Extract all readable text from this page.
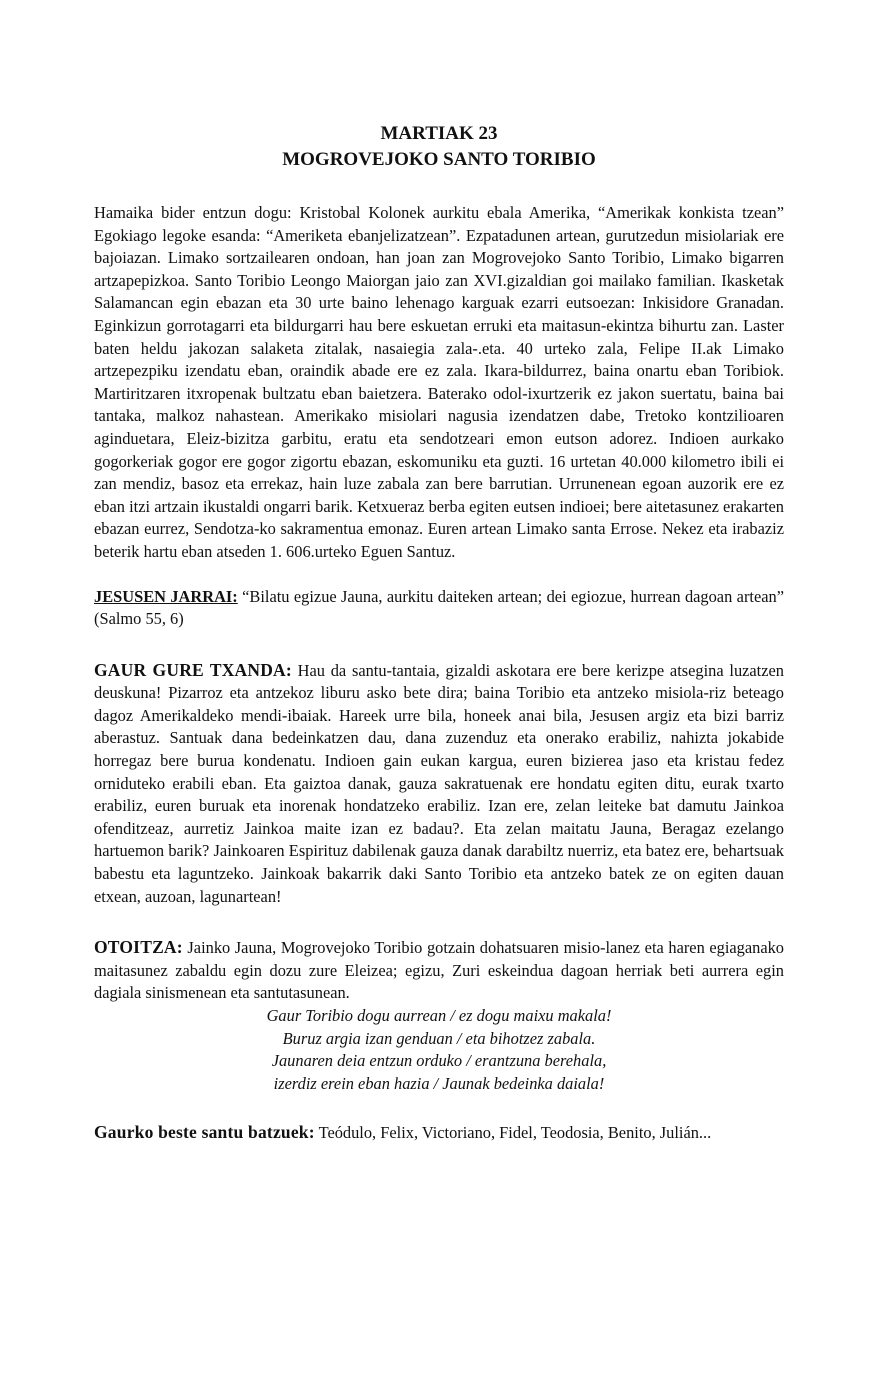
MARTIAK 23
MOGROVEJOKO SANTO TORIBIO

Hamaika bider entzun dogu: Kristobal Kolonek aurkitu ebala Amerika, “Amerikak konkista tzean” Egokiago legoke esanda: “Ameriketa ebanjelizatzean”. Ezpatadunen artean, gurutzedun misiolariak ere bajoiazan. Limako sortzailearen ondoan, han joan zan Mogrovejoko Santo Toribio, Limako bigarren artzapepizkoa. Santo Toribio Leongo Maiorgan jaio zan XVI.gizaldian goi mailako familian. Ikasketak Salamancan egin ebazan eta 30 urte baino lehenago karguak ezarri eutsoezan: Inkisidore Granadan. Eginkizun gorrotagarri eta bildurgarri hau bere eskuetan erruki eta maitasun-ekintza bihurtu zan. Laster baten heldu jakozan salaketa zitalak, nasaiegia zala-.eta. 40 urteko zala, Felipe II.ak Limako artzepezpiku izendatu eban, oraindik abade ere ez zala. Ikara-bildurrez, baina onartu eban Toribiok. Martiritzaren itxropenak bultzatu eban baietzera. Baterako odol-ixurtzerik ez jakon suertatu, baina bai tantaka, malkoz nahastean. Amerikako misiolari nagusia izendatzen dabe, Tretoko kontzilioaren aginduetara, Eleiz-bizitza garbitu, eratu eta sendotzeari emon eutson adorez. Indioen aurkako gogorkeriak gogor ere gogor zigortu ebazan, eskomuniku eta guzti. 16 urtetan 40.000 kilometro ibili ei zan mendiz, basoz eta errekaz, hain luze zabala zan bere barrutian. Urrunenean egoan auzorik ere ez eban itzi artzain ikustaldi ongarri barik. Ketxueraz berba egiten eutsen indioei; bere aitetasunez erakarten ebazan eurrez, Sendotza-ko sakramentua emonaz. Euren artean Limako santa Errose. Nekez eta irabaziz beterik hartu eban atseden 1. 606.urteko Eguen Santuz.

JESUSEN JARRAI: “Bilatu egizue Jauna, aurkitu daiteken artean; dei egiozue, hurrean dagoan artean” (Salmo 55, 6)

GAUR GURE TXANDA: Hau da santu-tantaia, gizaldi askotara ere bere kerizpe atsegina luzatzen deuskuna! Pizarroz eta antzekoz liburu asko bete dira; baina Toribio eta antzeko misiola-riz beteago dagoz Amerikaldeko mendi-ibaiak. Hareek urre bila, honeek anai bila, Jesusen argiz eta bizi barriz aberastuz. Santuak dana bedeinkatzen dau, dana zuzenduz eta onerako erabiliz, nahizta jokabide horregaz bere burua kondenatu. Indioen gain eukan kargua, euren bizierea jaso eta kristau fedez orniduteko erabili eban. Eta gaiztoa danak, gauza sakratuenak ere hondatu egiten ditu, eurak txarto erabiliz, euren buruak eta inorenak hondatzeko erabiliz. Izan ere, zelan leiteke bat damutu Jainkoa ofenditzeaz, aurretiz Jainkoa maite izan ez badau?. Eta zelan maitatu Jauna, Beragaz ezelango hartuemon barik? Jainkoaren Espirituz dabilenak gauza danak darabiltz nuerriz, eta batez ere, behartsuak babestu eta laguntzeko. Jainkoak bakarrik daki Santo Toribio eta antzeko batek ze on egiten dauan etxean, auzoan, lagunartean!

OTOITZA: Jainko Jauna, Mogrovejoko Toribio gotzain dohatsuaren misio-lanez eta haren egiaganako maitasunez zabaldu egin dozu zure Eleizea; egizu, Zuri eskeindua dagoan herriak beti aurrera egin dagiala sinismenean eta santutasunean.

Gaur Toribio dogu aurrean / ez dogu maixu makala!
Buruz argia izan genduan / eta bihotzez zabala.
Jaunaren deia entzun orduko / erantzuna berehala,
izerdiz erein eban hazia / Jaunak bedeinka daiala!

Gaurko beste santu batzuek: Teódulo, Felix, Victoriano, Fidel, Teodosia, Benito, Julián...
